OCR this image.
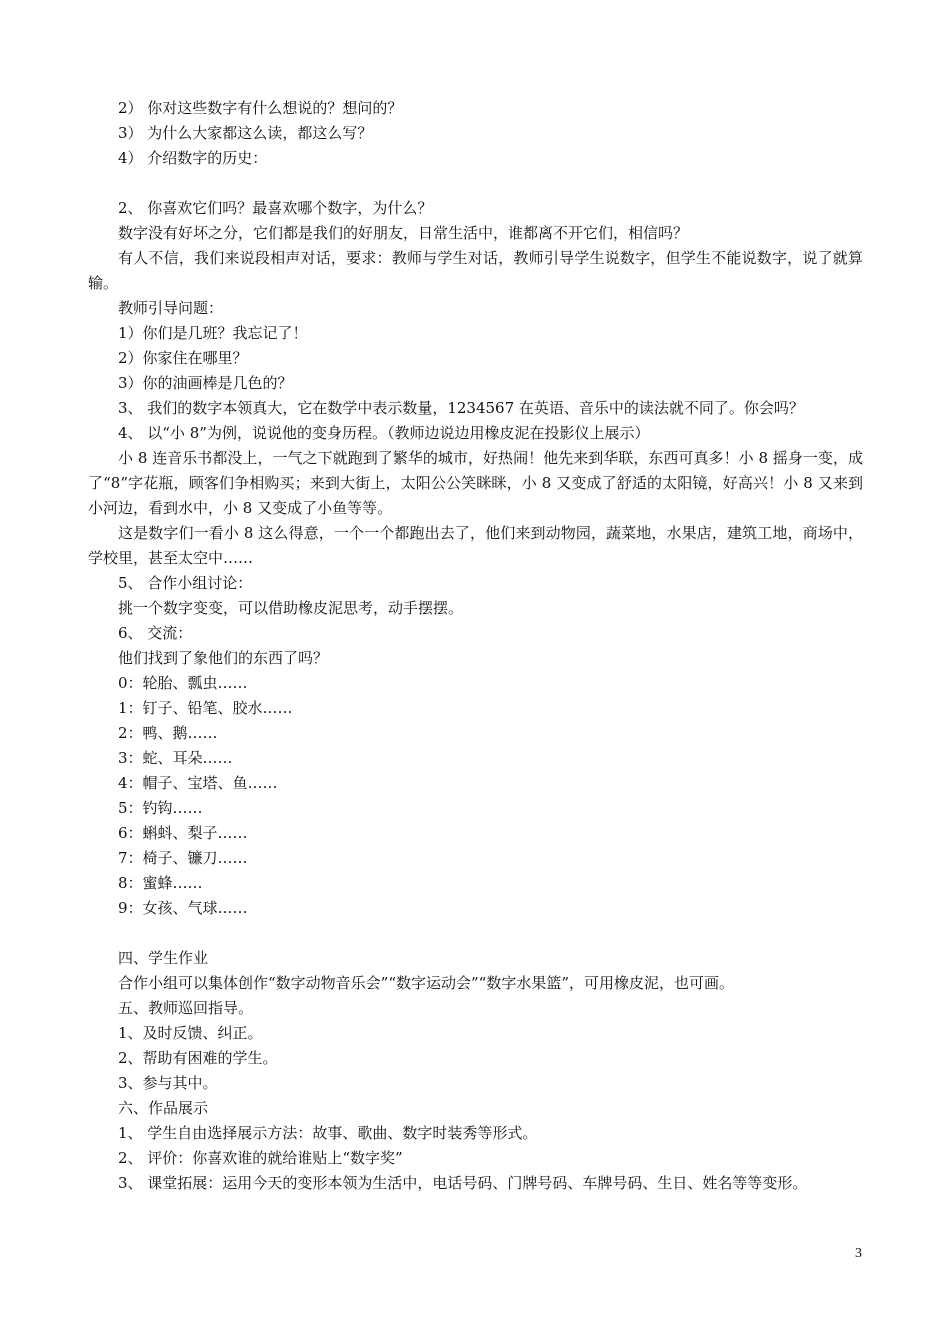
2） 你对这些数字有什么想说的？想问的？
3） 为什么大家都这么读，都这么写？
4） 介绍数字的历史：
2、 你喜欢它们吗？最喜欢哪个数字，为什么？
数字没有好坏之分，它们都是我们的好朋友，日常生活中，谁都离不开它们，相信吗？
有人不信，我们来说段相声对话，要求：教师与学生对话，教师引导学生说数字，但学生不能说数字，说了就算输。
教师引导问题：
1）你们是几班？我忘记了！
2）你家住在哪里？
3）你的油画棒是几色的？
3、 我们的数字本领真大，它在数学中表示数量，1234567 在英语、音乐中的读法就不同了。你会吗？
4、 以“小 8”为例，说说他的变身历程。（教师边说边用橡皮泥在投影仪上展示）
小 8 连音乐书都没上，一气之下就跑到了繁华的城市，好热闹！他先来到华联，东西可真多！小 8 摇身一变，成了“8”字花瓶，顾客们争相购买；来到大街上，太阳公公笑眯眯，小 8 又变成了舒适的太阳镜，好高兴！小 8 又来到小河边，看到水中，小 8 又变成了小鱼等等。
这是数字们一看小 8 这么得意，一个一个都跑出去了，他们来到动物园，蔬菜地，水果店，建筑工地，商场中，学校里，甚至太空中……
5、 合作小组讨论：
挑一个数字变变，可以借助橡皮泥思考，动手摆摆。
6、 交流：
他们找到了象他们的东西了吗？
0：轮胎、瓢虫……
1：钉子、铅笔、胶水……
2：鸭、鹅……
3：蛇、耳朵……
4：帽子、宝塔、鱼……
5：钓钩……
6：蝌蚪、梨子……
7：椅子、镰刀……
8：蜜蜂……
9：女孩、气球……
四、学生作业
合作小组可以集体创作“数字动物音乐会”“数字运动会”“数字水果篮”，可用橡皮泥，也可画。
五、教师巡回指导。
1、及时反馈、纠正。
2、帮助有困难的学生。
3、参与其中。
六、作品展示
1、 学生自由选择展示方法：故事、歌曲、数字时装秀等形式。
2、 评价：你喜欢谁的就给谁贴上“数字奖”
3、 课堂拓展：运用今天的变形本领为生活中，电话号码、门牌号码、车牌号码、生日、姓名等等变形。
3
